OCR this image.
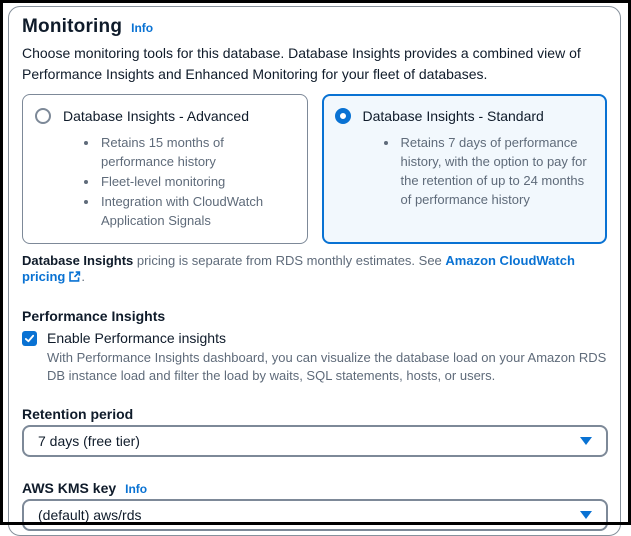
Monitoring Info
Choose monitoring tools for this database. Database Insights provides a combined view of Performance Insights and Enhanced Monitoring for your fleet of databases.
Database Insights - Advanced
• Retains 15 months of performance history
• Fleet-level monitoring
• Integration with CloudWatch Application Signals
Database Insights - Standard
• Retains 7 days of performance history, with the option to pay for the retention of up to 24 months of performance history
Database Insights pricing is separate from RDS monthly estimates. See Amazon CloudWatch pricing .
Performance Insights
Enable Performance insights
With Performance Insights dashboard, you can visualize the database load on your Amazon RDS DB instance load and filter the load by waits, SQL statements, hosts, or users.
Retention period
7 days (free tier)
AWS KMS key Info
(default) aws/rds
